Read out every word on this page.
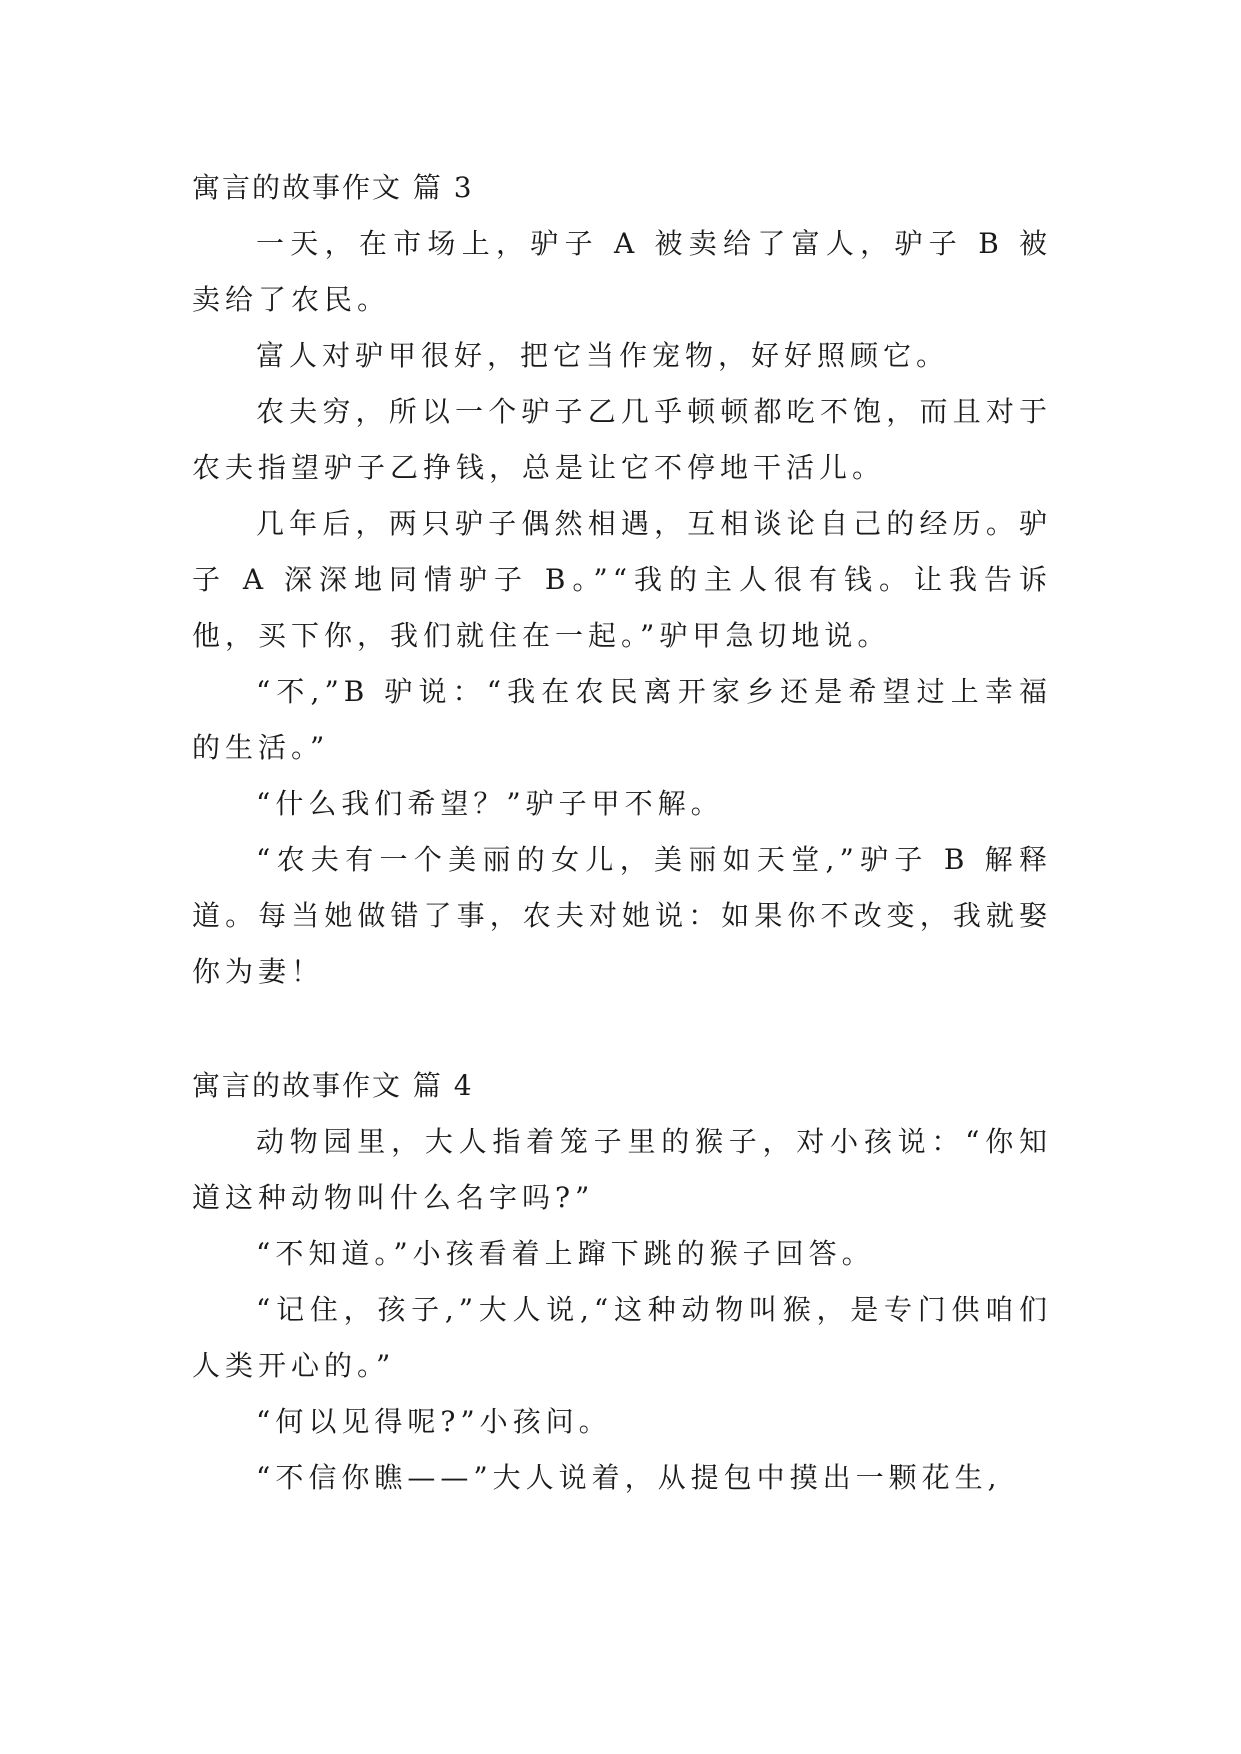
寓言的故事作文 篇 3

一天，在市场上，驴子 A 被卖给了富人，驴子 B 被卖给了农民。

富人对驴甲很好，把它当作宠物，好好照顾它。

农夫穷，所以一个驴子乙几乎顿顿都吃不饱，而且对于农夫指望驴子乙挣钱，总是让它不停地干活儿。

几年后，两只驴子偶然相遇，互相谈论自己的经历。驴子 A 深深地同情驴子 B。”“我的主人很有钱。让我告诉他，买下你，我们就住在一起。”驴甲急切地说。

“不,”B 驴说：“我在农民离开家乡还是希望过上幸福的生活。”

“什么我们希望？”驴子甲不解。

“农夫有一个美丽的女儿，美丽如天堂,”驴子 B 解释道。每当她做错了事，农夫对她说：如果你不改变，我就娶你为妻！

寓言的故事作文 篇 4

动物园里，大人指着笼子里的猴子，对小孩说：“你知道这种动物叫什么名字吗?”

“不知道。”小孩看着上蹿下跳的猴子回答。

“记住，孩子,”大人说,“这种动物叫猴，是专门供咱们人类开心的。”

“何以见得呢?”小孩问。

“不信你瞧——”大人说着，从提包中摸出一颗花生,
